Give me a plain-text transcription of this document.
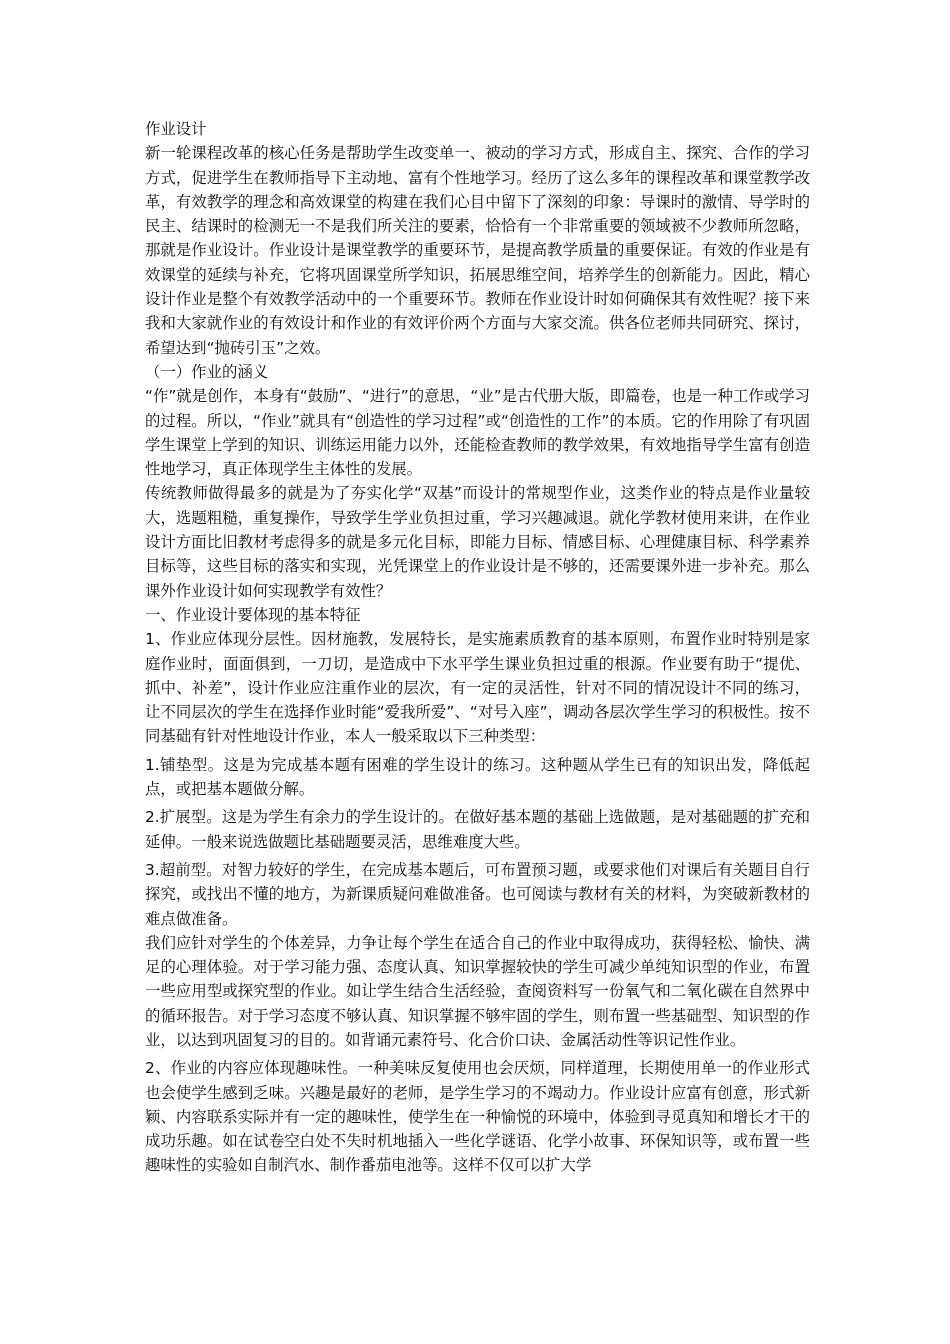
作业设计

新一轮课程改革的核心任务是帮助学生改变单一、被动的学习方式，形成自主、探究、合作的学习方式，促进学生在教师指导下主动地、富有个性地学习。经历了这么多年的课程改革和课堂教学改革，有效教学的理念和高效课堂的构建在我们心目中留下了深刻的印象：导课时的激情、导学时的民主、结课时的检测无一不是我们所关注的要素，恰恰有一个非常重要的领域被不少教师所忽略，那就是作业设计。作业设计是课堂教学的重要环节，是提高教学质量的重要保证。有效的作业是有效课堂的延续与补充，它将巩固课堂所学知识，拓展思维空间，培养学生的创新能力。因此，精心设计作业是整个有效教学活动中的一个重要环节。教师在作业设计时如何确保其有效性呢？接下来我和大家就作业的有效设计和作业的有效评价两个方面与大家交流。供各位老师共同研究、探讨，希望达到“抛砖引玉”之效。

（一）作业的涵义

“作”就是创作，本身有“鼓励”、“进行”的意思，“业”是古代册大版，即篇卷，也是一种工作或学习的过程。所以，“作业”就具有“创造性的学习过程”或“创造性的工作”的本质。它的作用除了有巩固学生课堂上学到的知识、训练运用能力以外，还能检查教师的教学效果，有效地指导学生富有创造性地学习，真正体现学生主体性的发展。

传统教师做得最多的就是为了夯实化学“双基”而设计的常规型作业，这类作业的特点是作业量较大，选题粗糙，重复操作，导致学生学业负担过重，学习兴趣减退。就化学教材使用来讲，在作业设计方面比旧教材考虑得多的就是多元化目标，即能力目标、情感目标、心理健康目标、科学素养目标等，这些目标的落实和实现，光凭课堂上的作业设计是不够的，还需要课外进一步补充。那么课外作业设计如何实现教学有效性？

一、作业设计要体现的基本特征

1、作业应体现分层性。因材施教，发展特长，是实施素质教育的基本原则，布置作业时特别是家庭作业时，面面俱到，一刀切，是造成中下水平学生课业负担过重的根源。作业要有助于“提优、抓中、补差”，设计作业应注重作业的层次，有一定的灵活性，针对不同的情况设计不同的练习，让不同层次的学生在选择作业时能“爱我所爱”、“对号入座”，调动各层次学生学习的积极性。按不同基础有针对性地设计作业，本人一般采取以下三种类型：

1.铺垫型。这是为完成基本题有困难的学生设计的练习。这种题从学生已有的知识出发，降低起点，或把基本题做分解。

2.扩展型。这是为学生有余力的学生设计的。在做好基本题的基础上选做题，是对基础题的扩充和延伸。一般来说选做题比基础题要灵活，思维难度大些。

3.超前型。对智力较好的学生，在完成基本题后，可布置预习题，或要求他们对课后有关题目自行探究，或找出不懂的地方，为新课质疑问难做准备。也可阅读与教材有关的材料，为突破新教材的难点做准备。

我们应针对学生的个体差异，力争让每个学生在适合自己的作业中取得成功，获得轻松、愉快、满足的心理体验。对于学习能力强、态度认真、知识掌握较快的学生可减少单纯知识型的作业，布置一些应用型或探究型的作业。如让学生结合生活经验，查阅资料写一份氧气和二氧化碳在自然界中的循环报告。对于学习态度不够认真、知识掌握不够牢固的学生，则布置一些基础型、知识型的作业，以达到巩固复习的目的。如背诵元素符号、化合价口诀、金属活动性等识记性作业。

2、作业的内容应体现趣味性。一种美味反复使用也会厌烦，同样道理，长期使用单一的作业形式也会使学生感到乏味。兴趣是最好的老师，是学生学习的不竭动力。作业设计应富有创意，形式新颖、内容联系实际并有一定的趣味性，使学生在一种愉悦的环境中，体验到寻觅真知和增长才干的成功乐趣。如在试卷空白处不失时机地插入一些化学谜语、化学小故事、环保知识等，或布置一些趣味性的实验如自制汽水、制作番茄电池等。这样不仅可以扩大学
